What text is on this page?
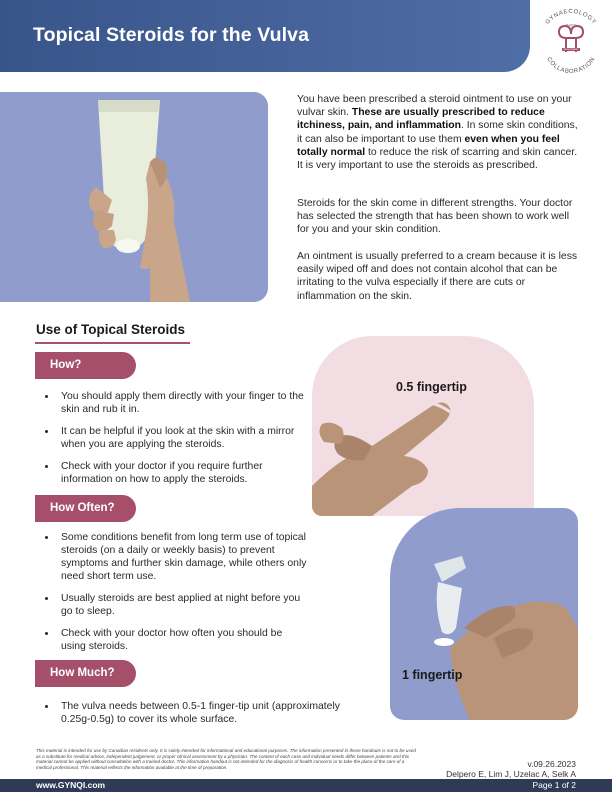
Topical Steroids for the Vulva
GYNAECOLOGY
QUALITY
IMPROVEMENT
COLLABORATION

You have been prescribed a steroid ointment to use on your vulvar skin. These are usually prescribed to reduce itchiness, pain, and inflammation. In some skin conditions, it can also be important to use them even when you feel totally normal to reduce the risk of scarring and skin cancer. It is very important to use the steroids as prescribed.

Steroids for the skin come in different strengths. Your doctor has selected the strength that has been shown to work well for you and your skin condition.

An ointment is usually preferred to a cream because it is less easily wiped off and does not contain alcohol that can be irritating to the vulva especially if there are cuts or inflammation on the skin.

Use of Topical Steroids
How?
• You should apply them directly with your finger to the skin and rub it in.
• It can be helpful if you look at the skin with a mirror when you are applying the steroids.
• Check with your doctor if you require further information on how to apply the steroids.
How Often?
• Some conditions benefit from long term use of topical steroids (on a daily or weekly basis) to prevent symptoms and further skin damage, while others only need short term use.
• Usually steroids are best applied at night before you go to sleep.
• Check with your doctor how often you should be using steroids.
How Much?
• The vulva needs between 0.5-1 finger-tip unit (approximately 0.25g-0.5g) to cover its whole surface.
0.5 fingertip
1 fingertip
This material is intended for use by Canadian residents only. It is solely intended for informational and educational purposes. The information presented in these handouts is not to be used as a substitute for medical advice, independent judgement, or proper clinical assessment by a physician. The content of each case and individual needs differ between patients and this material cannot be applied without consultation with a trained doctor. This information handout is not intended for the diagnosis of health concerns or to take the place of the care of a medical professional. This material reflects the information available at the time of preparation.	v.09.26.2023
Delpero E, Lim J, Uzelac A, Selk A
www.GYNQI.com	Page 1 of 2
